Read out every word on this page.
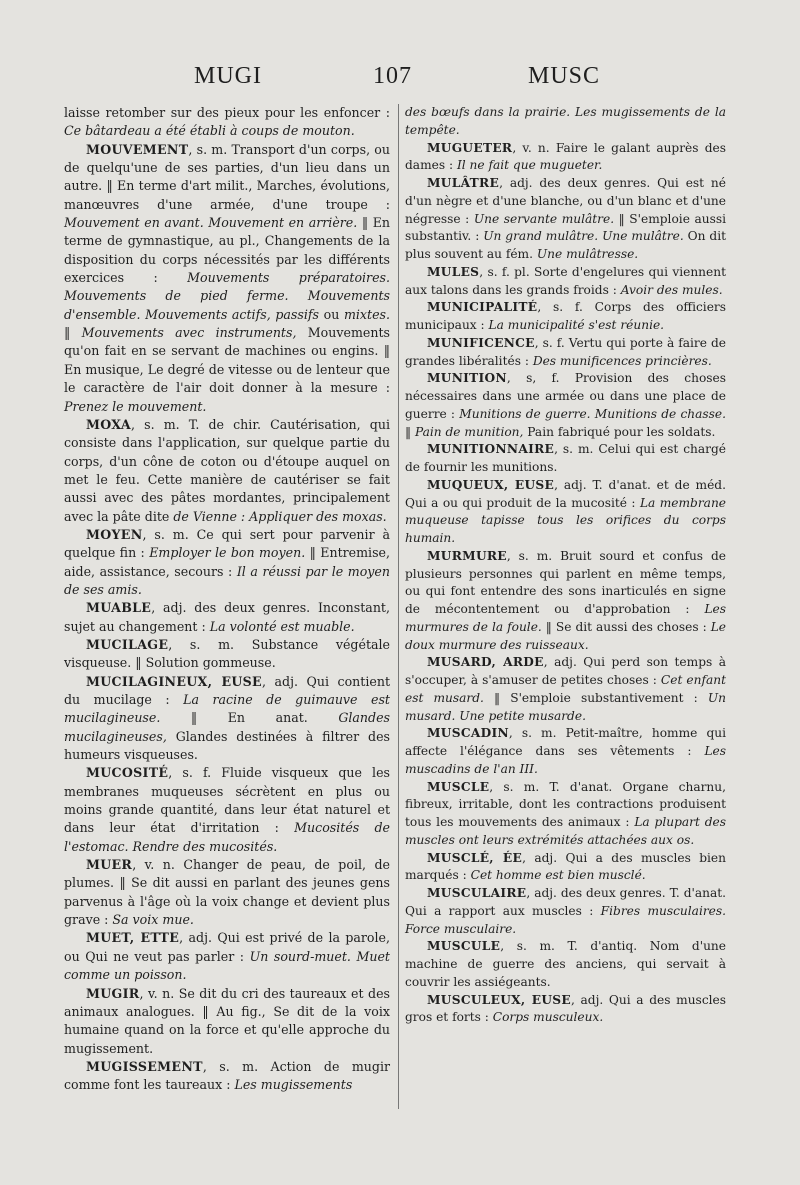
MUGI	107	MUSC

laisse retomber sur des pieux pour les enfoncer : Ce bâtardeau a été établi à coups de mouton.

MOUVEMENT, s. m. Transport d'un corps, ou de quelqu'une de ses parties, d'un lieu dans un autre. ‖ En terme d'art milit., Marches, évolutions, manœuvres d'une armée, d'une troupe : Mouvement en avant. Mouvement en arrière. ‖ En terme de gymnastique, au pl., Changements de la disposition du corps nécessités par les différents exercices : Mouvements préparatoires. Mouvements de pied ferme. Mouvements d'ensemble. Mouvements actifs, passifs ou mixtes. ‖ Mouvements avec instruments, Mouvements qu'on fait en se servant de machines ou engins. ‖ En musique, Le degré de vitesse ou de lenteur que le caractère de l'air doit donner à la mesure : Prenez le mouvement.

MOXA, s. m. T. de chir. Cautérisation, qui consiste dans l'application, sur quelque partie du corps, d'un cône de coton ou d'étoupe auquel on met le feu. Cette manière de cautériser se fait aussi avec des pâtes mordantes, principalement avec la pâte dite de Vienne : Appliquer des moxas.

MOYEN, s. m. Ce qui sert pour parvenir à quelque fin : Employer le bon moyen. ‖ Entremise, aide, assistance, secours : Il a réussi par le moyen de ses amis.

MUABLE, adj. des deux genres. Inconstant, sujet au changement : La volonté est muable.

MUCILAGE, s. m. Substance végétale visqueuse. ‖ Solution gommeuse.

MUCILAGINEUX, EUSE, adj. Qui contient du mucilage : La racine de guimauve est mucilagineuse. ‖ En anat. Glandes mucilagineuses, Glandes destinées à filtrer des humeurs visqueuses.

MUCOSITÉ, s. f. Fluide visqueux que les membranes muqueuses sécrètent en plus ou moins grande quantité, dans leur état naturel et dans leur état d'irritation : Mucosités de l'estomac. Rendre des mucosités.

MUER, v. n. Changer de peau, de poil, de plumes. ‖ Se dit aussi en parlant des jeunes gens parvenus à l'âge où la voix change et devient plus grave : Sa voix mue.

MUET, ETTE, adj. Qui est privé de la parole, ou Qui ne veut pas parler : Un sourd-muet. Muet comme un poisson.

MUGIR, v. n. Se dit du cri des taureaux et des animaux analogues. ‖ Au fig., Se dit de la voix humaine quand on la force et qu'elle approche du mugissement.

MUGISSEMENT, s. m. Action de mugir comme font les taureaux : Les mugissements

des bœufs dans la prairie. Les mugissements de la tempête.

MUGUETER, v. n. Faire le galant auprès des dames : Il ne fait que mugueter.

MULÂTRE, adj. des deux genres. Qui est né d'un nègre et d'une blanche, ou d'un blanc et d'une négresse : Une servante mulâtre. ‖ S'emploie aussi substantiv. : Un grand mulâtre. Une mulâtre. On dit plus souvent au fém. Une mulâtresse.

MULES, s. f. pl. Sorte d'engelures qui viennent aux talons dans les grands froids : Avoir des mules.

MUNICIPALITÉ, s. f. Corps des officiers municipaux : La municipalité s'est réunie.

MUNIFICENCE, s. f. Vertu qui porte à faire de grandes libéralités : Des munificences princières.

MUNITION, s, f. Provision des choses nécessaires dans une armée ou dans une place de guerre : Munitions de guerre. Munitions de chasse. ‖ Pain de munition, Pain fabriqué pour les soldats.

MUNITIONNAIRE, s. m. Celui qui est chargé de fournir les munitions.

MUQUEUX, EUSE, adj. T. d'anat. et de méd. Qui a ou qui produit de la mucosité : La membrane muqueuse tapisse tous les orifices du corps humain.

MURMURE, s. m. Bruit sourd et confus de plusieurs personnes qui parlent en même temps, ou qui font entendre des sons inarticulés en signe de mécontentement ou d'approbation : Les murmures de la foule. ‖ Se dit aussi des choses : Le doux murmure des ruisseaux.

MUSARD, ARDE, adj. Qui perd son temps à s'occuper, à s'amuser de petites choses : Cet enfant est musard. ‖ S'emploie substantivement : Un musard. Une petite musarde.

MUSCADIN, s. m. Petit-maître, homme qui affecte l'élégance dans ses vêtements : Les muscadins de l'an III.

MUSCLE, s. m. T. d'anat. Organe charnu, fibreux, irritable, dont les contractions produisent tous les mouvements des animaux : La plupart des muscles ont leurs extrémités attachées aux os.

MUSCLÉ, ÉE, adj. Qui a des muscles bien marqués : Cet homme est bien musclé.

MUSCULAIRE, adj. des deux genres. T. d'anat. Qui a rapport aux muscles : Fibres musculaires. Force musculaire.

MUSCULE, s. m. T. d'antiq. Nom d'une machine de guerre des anciens, qui servait à couvrir les assiégeants.

MUSCULEUX, EUSE, adj. Qui a des muscles gros et forts : Corps musculeux.
